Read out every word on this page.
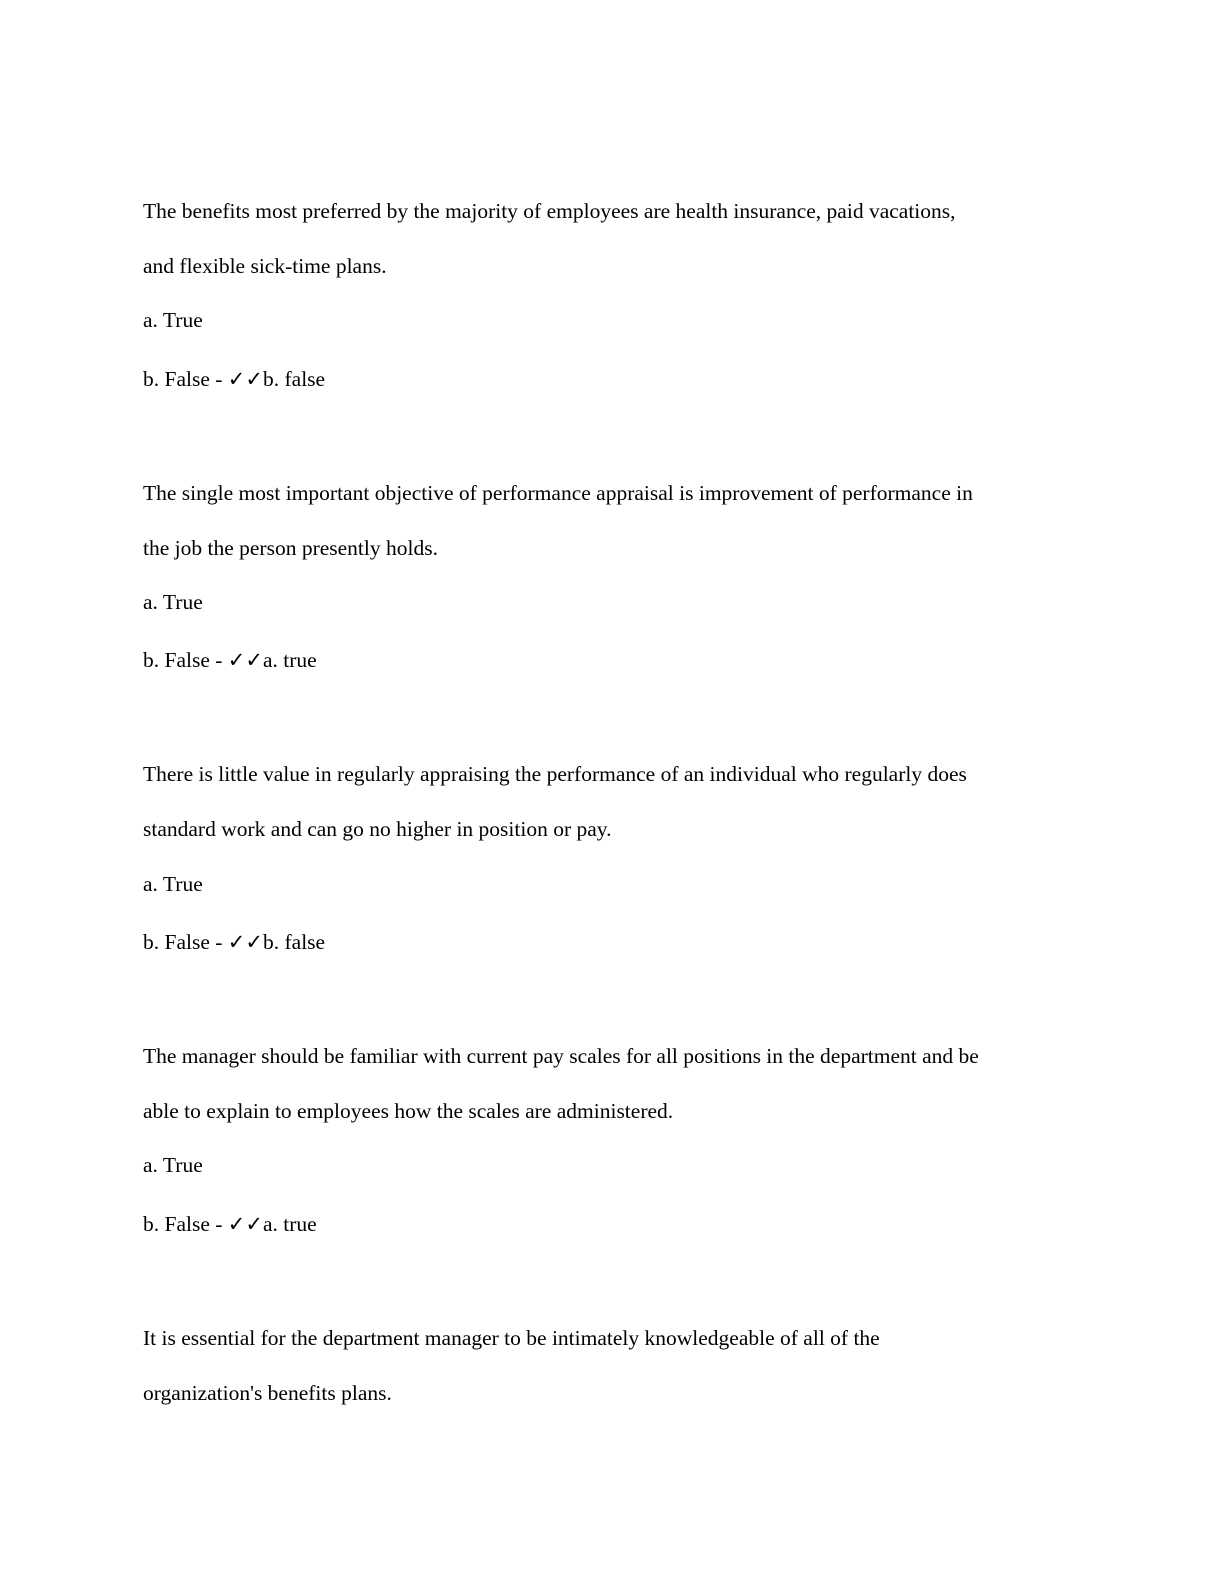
The benefits most preferred by the majority of employees are health insurance, paid vacations,
and flexible sick-time plans.
a. True
b. False - ✓✓b. false
The single most important objective of performance appraisal is improvement of performance in
the job the person presently holds.
a. True
b. False - ✓✓a. true
There is little value in regularly appraising the performance of an individual who regularly does
standard work and can go no higher in position or pay.
a. True
b. False - ✓✓b. false
The manager should be familiar with current pay scales for all positions in the department and be
able to explain to employees how the scales are administered.
a. True
b. False - ✓✓a. true
It is essential for the department manager to be intimately knowledgeable of all of the
organization's benefits plans.
